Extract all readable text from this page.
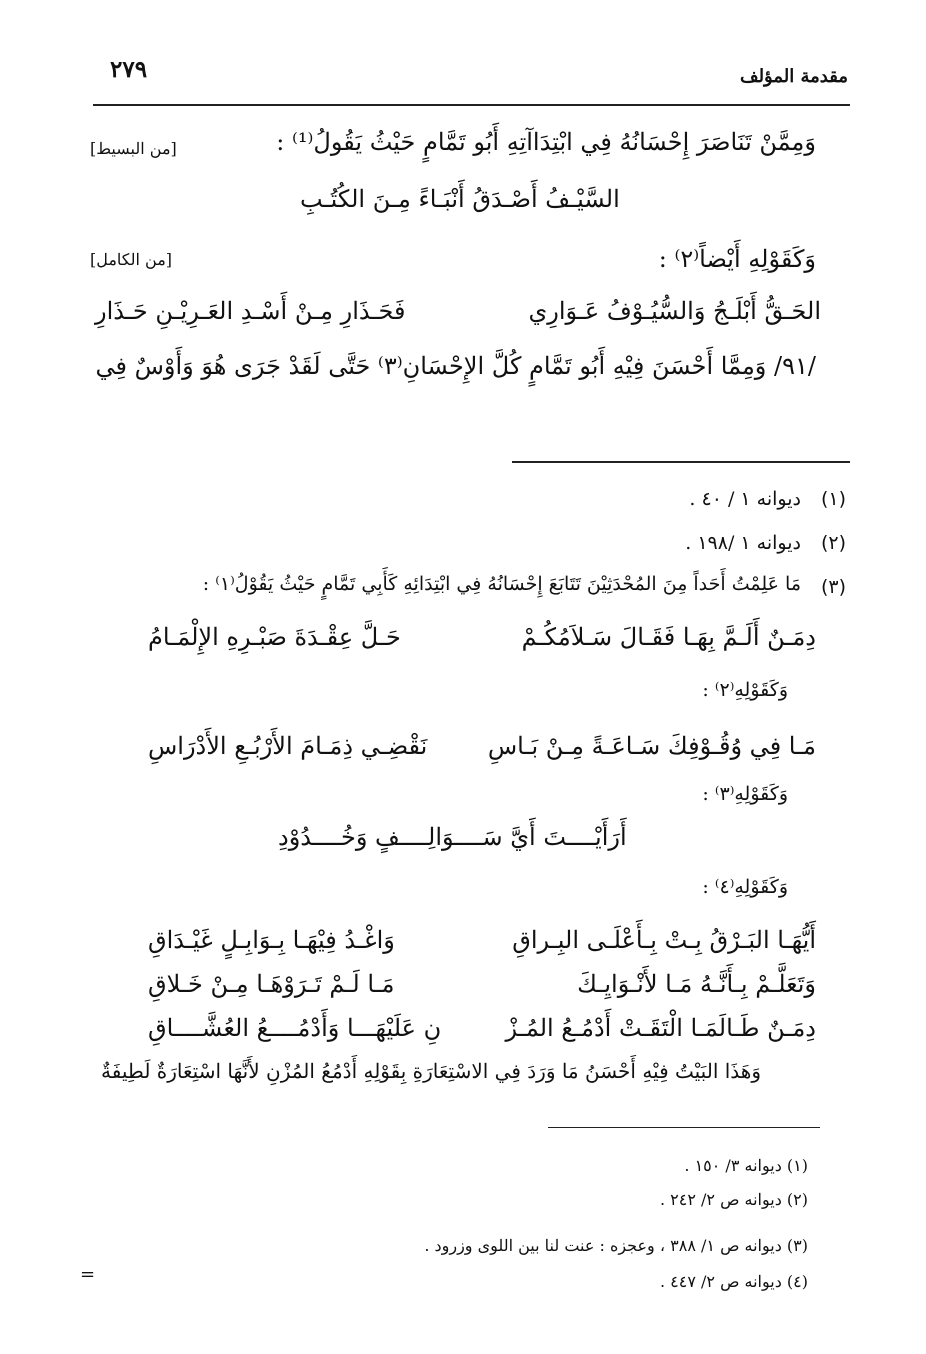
٢٧٩	مقدمة المؤلف
وَمِمَّنْ تَنَاصَرَ إِحْسَانُهُ فِي ابْتِدَاآتِهِ أَبُو تَمَّامٍ حَيْثُ يَقُولُ⁽¹⁾ :
[من البسيط]
السَّيْـفُ أَصْـدَقُ أَنْبَـاءً مِـنَ الكُتُـبِ
وَكَقَوْلِهِ أَيْضاً⁽٢⁾ :
[من الكامل]
الحَـقُّ أَبْلَـجُ وَالسُّيُـوْفُ عَـوَارِي
فَحَـذَارِ مِـنْ أَسْـدِ العَـرِيْـنِ حَـذَارِ
/٩١/ وَمِمَّا أَحْسَنَ فِيْهِ أَبُو تَمَّامٍ كُلَّ الإِحْسَانِ⁽٣⁾ حَتَّى لَقَدْ جَرَى هُوَ وَأَوْسٌ فِي
(١)
ديوانه ١ / ٤٠ .
(٢)
ديوانه ١ /١٩٨ .
(٣)
مَا عَلِمْتُ أَحَداً مِنَ المُحْدَثِيْنَ تَتَابَعَ إِحْسَانُهُ فِي ابْتِدَائِهِ كَأَبِي تَمَّامٍ حَيْثُ يَقُوْلُ⁽١⁾ :
دِمَـنٌ أَلَـمَّ بِهَـا فَقَـالَ سَـلاَمُكُـمْ
حَـلَّ عِقْـدَةَ صَبْـرِهِ الإِلْمَـامُ
وَكَقَوْلِهِ⁽٢⁾ :
مَـا فِي وُقُـوْفِكَ سَـاعَـةً مِـنْ بَـاسِ
نَقْضِـي ذِمَـامَ الأَرْبُـعِ الأَدْرَاسِ
وَكَقَوْلِهِ⁽٣⁾ :
أَرَأَيْــــتَ أَيَّ سَــــوَالِــــفٍ وَخُــــدُوْدِ
وَكَقَوْلِهِ⁽٤⁾ :
أَيُّهَـا البَـرْقُ بِـتْ بِـأَعْلَـى البِـراقِ
وَاغْـدُ فِيْهَـا بِـوَابِـلٍ غَيْـدَاقِ
وَتَعَلَّـمْ بِـأَنَّـهُ مَـا لأَنْـوَايِـكَ
مَـا لَـمْ تَـرَوْهَـا مِـنْ خَـلاقِ
دِمَـنٌ طَـالَمَـا الْتَقَـتْ أَدْمُـعُ المُـزْ
نِ عَلَيْهَـــا وَأَدْمُــــعُ العُشَّــــاقِ
وَهَذَا البَيْتُ فِيْهِ أَحْسَنُ مَا وَرَدَ فِي الاسْتِعَارَةِ بِقَوْلِهِ أَدْمُعُ المُزْنِ لأَنَّهَا اسْتِعَارَةٌ لَطِيفَةٌ
(١) ديوانه ٣/ ١٥٠ .
(٢) ديوانه ص ٢/ ٢٤٢ .
(٣) ديوانه ص ١/ ٣٨٨ ، وعجزه : عنت لنا بين اللوى وزرود .
(٤) ديوانه ص ٢/ ٤٤٧ .
=
